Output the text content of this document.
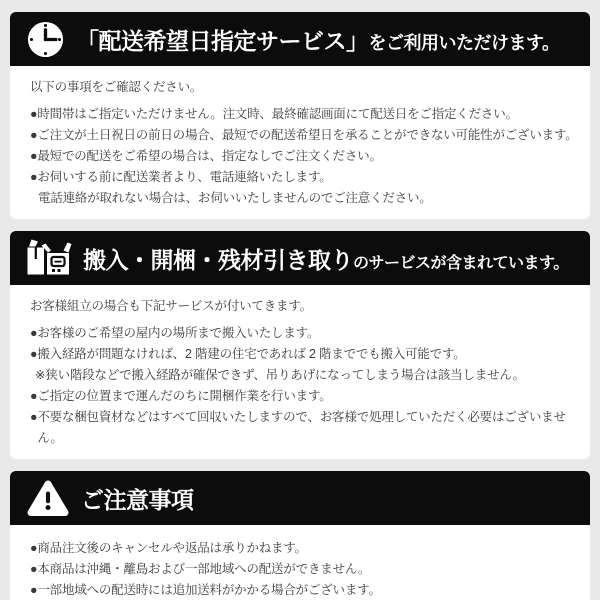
「配送希望日指定サービス」 をご利用いただけます。

以下の事項をご確認ください。

● 時間帯はご指定いただけません。注文時、最終確認画面にて配送日をご指定ください。
● ご注文が土日祝日の前日の場合、最短での配送希望日を承ることができない可能性がございます。
● 最短での配送をご希望の場合は、指定なしでご注文ください。
● お伺いする前に配送業者より、電話連絡いたします。
電話連絡が取れない場合は、お伺いいたしませんのでご注意ください。
搬入・開梱・残材引き取り のサービスが含まれています。

お客様組立の場合も下記サービスが付いてきます。

● お客様のご希望の屋内の場所まで搬入いたします。
● 搬入経路が問題なければ、2 階建の住宅であれば 2 階まででも搬入可能です。
※ 狭い階段などで搬入経路が確保できず、吊りあげになってしまう場合は該当しません。
● ご指定の位置まで運んだのちに開梱作業を行います。
● 不要な梱包資材などはすべて回収いたしますので、お客様で処理していただく必要はございません。
ご注意事項
● 商品注文後のキャンセルや返品は承りかねます。
● 本商品は沖縄・離島および一部地域への配送ができません。
● 一部地域への配送時には追加送料がかかる場合がございます。
